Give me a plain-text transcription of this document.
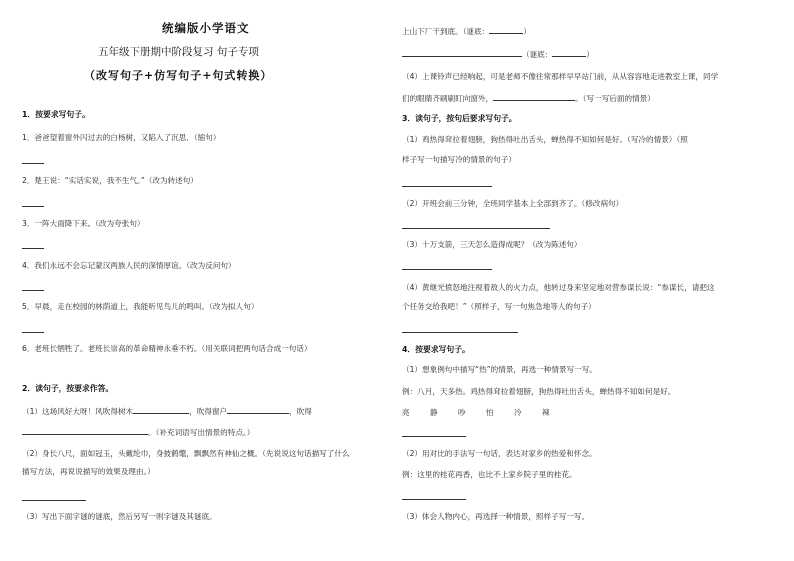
统编版小学语文
五年级下册期中阶段复习 句子专项
（改写句子+仿写句子+句式转换）
1．按要求写句子。
1．爸爸望着窗外闪过去的白杨树，又陷入了沉思．（缩句）
2．楚王说：“实话实说，我不生气。”（改为转述句）
3．一阵大雨降下来。（改为夸张句）
4．我们永远不会忘记蒙汉两族人民的深情厚谊。（改为反问句）
5．早晨，走在校园的林荫道上，我能听见鸟儿的鸣叫。（改为拟人句）
6．老班长牺牲了。老班长崇高的革命精神永垂不朽。（用关联词把两句话合成一句话）
2．读句子，按要求作答。
（1）这场风好大呀！风吹得树木	，吹得窗户	，吹得
。（补充词语写出情景的特点。）
（2）身长八尺，面如冠玉，头戴纶巾，身披鹤氅，飘飘然有神仙之概。（先说说这句话描写了什么
描写方法，再说说描写的效果及理由。）
（3）写出下面字谜的谜底，然后另写一则字谜及其谜底。
上山下厂干到底。（谜底：	）
（谜底：	）
（4）上课铃声已经响起，可是老师不像往常那样早早站门前，从从容容地走进教室上课，同学
们的眼睛齐刷刷盯向窗外，	。（写一写后面的情景）
3．读句子，按句后要求写句子。
（1）鸡热得耷拉着翅膀，狗热得吐出舌头，蝉热得不知如何是好。（写冷的情景）（照
样子写一句描写冷的情景的句子）
（2）开班会前三分钟，全班同学基本上全部到齐了。（修改病句）
（3）十万支箭，三天怎么造得成呢？（改为陈述句）
（4）黄继光愤怒地注视着敌人的火力点，他转过身来坚定地对营参谋长说：“参谋长，请把这
个任务交给我吧！”（照样子，写一句焦急地等人的句子）
4．按要求写句子。
（1）想象例句中描写“热”的情景，再选一种情景写一写。
例：八月，天多热。鸡热得耷拉着翅膀，狗热得吐出舌头，蝉热得不知如何是好。
亮	静	吵	怕	冷	辣
（2）用对比的手法写一句话，表达对家乡的热爱和怀念。
例：这里的桂花再香，也比不上家乡院子里的桂花。
（3）体会人物内心，再选择一种情景，照样子写一写。
